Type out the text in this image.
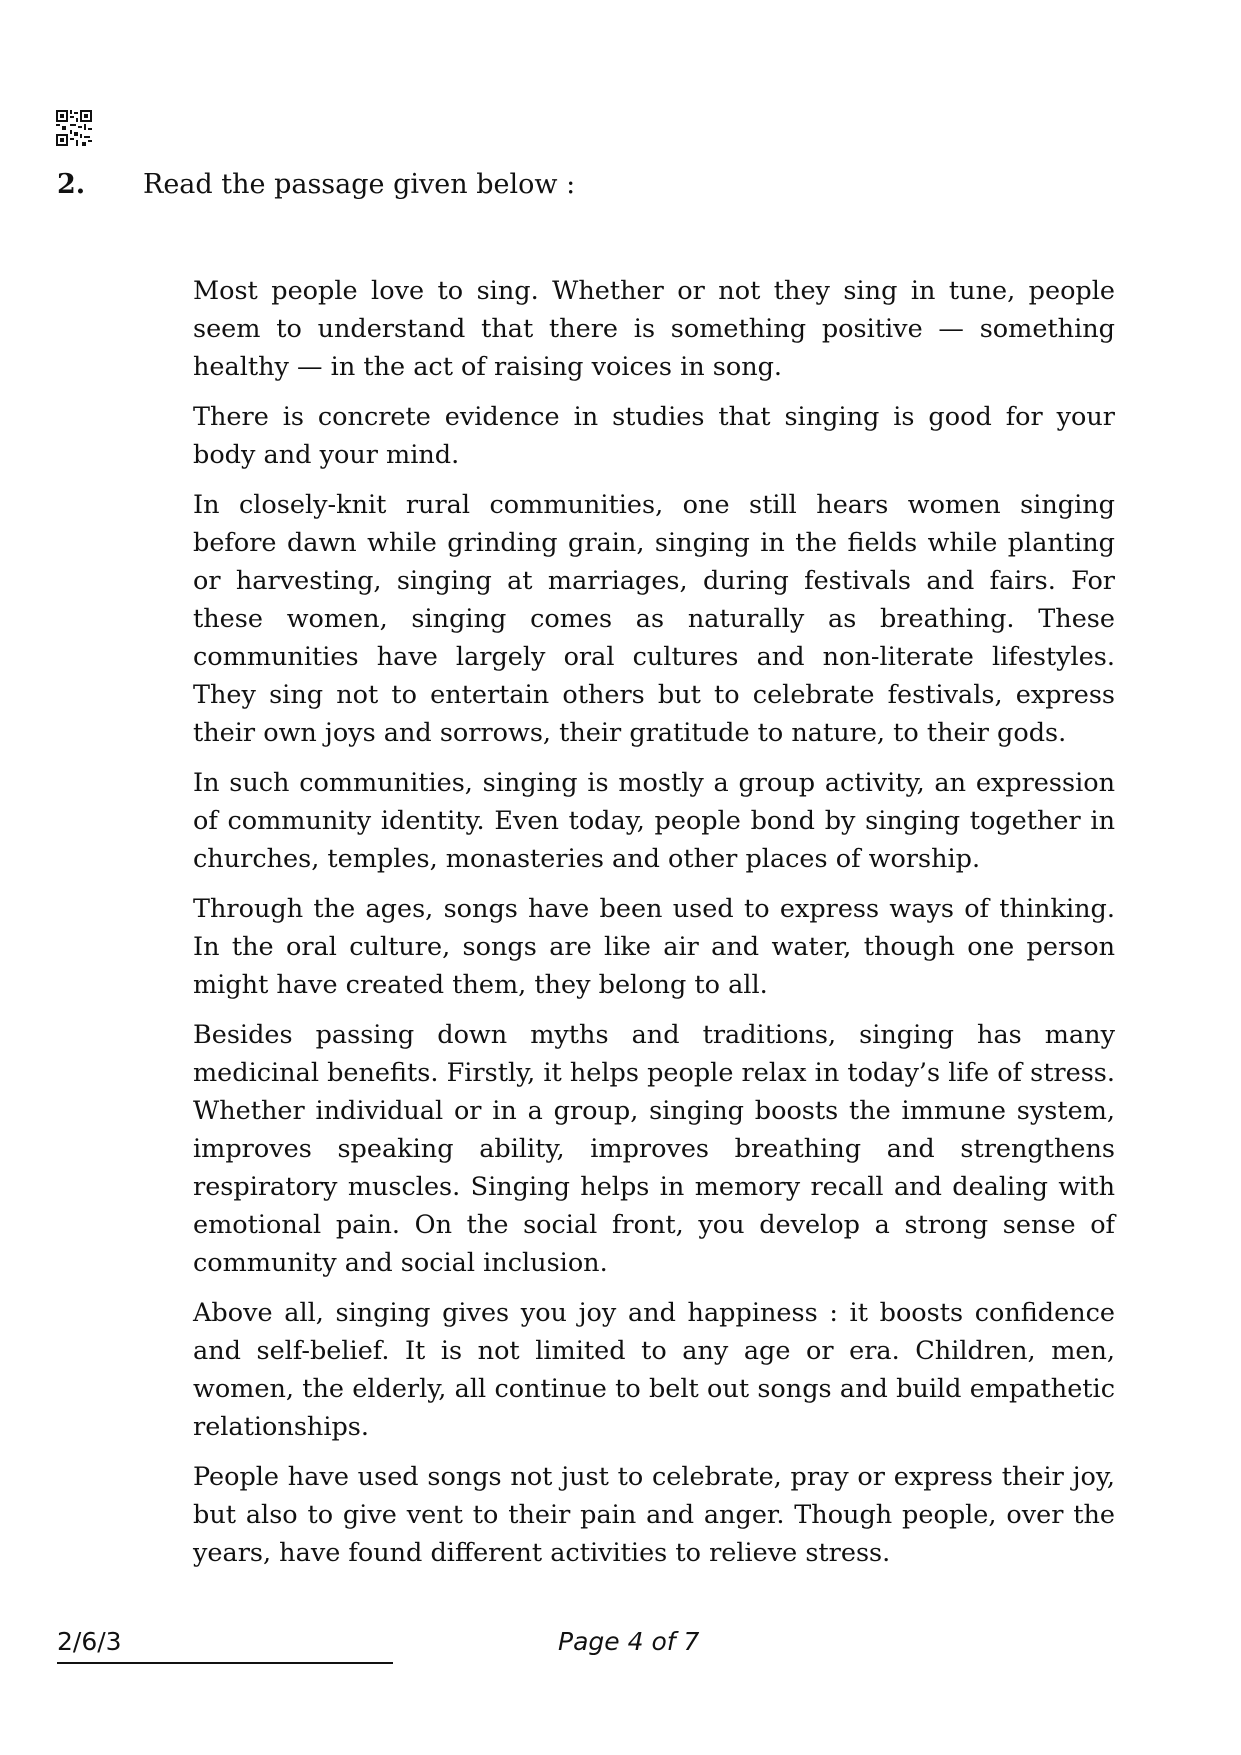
2. Read the passage given below :

Most people love to sing. Whether or not they sing in tune, people seem to understand that there is something positive — something healthy — in the act of raising voices in song.

There is concrete evidence in studies that singing is good for your body and your mind.

In closely-knit rural communities, one still hears women singing before dawn while grinding grain, singing in the fields while planting or harvesting, singing at marriages, during festivals and fairs. For these women, singing comes as naturally as breathing. These communities have largely oral cultures and non-literate lifestyles. They sing not to entertain others but to celebrate festivals, express their own joys and sorrows, their gratitude to nature, to their gods.

In such communities, singing is mostly a group activity, an expression of community identity. Even today, people bond by singing together in churches, temples, monasteries and other places of worship.

Through the ages, songs have been used to express ways of thinking. In the oral culture, songs are like air and water, though one person might have created them, they belong to all.

Besides passing down myths and traditions, singing has many medicinal benefits. Firstly, it helps people relax in today’s life of stress. Whether individual or in a group, singing boosts the immune system, improves speaking ability, improves breathing and strengthens respiratory muscles. Singing helps in memory recall and dealing with emotional pain. On the social front, you develop a strong sense of community and social inclusion.

Above all, singing gives you joy and happiness : it boosts confidence and self-belief. It is not limited to any age or era. Children, men, women, the elderly, all continue to belt out songs and build empathetic relationships.

People have used songs not just to celebrate, pray or express their joy, but also to give vent to their pain and anger. Though people, over the years, have found different activities to relieve stress.

2/6/3	Page 4 of 7
